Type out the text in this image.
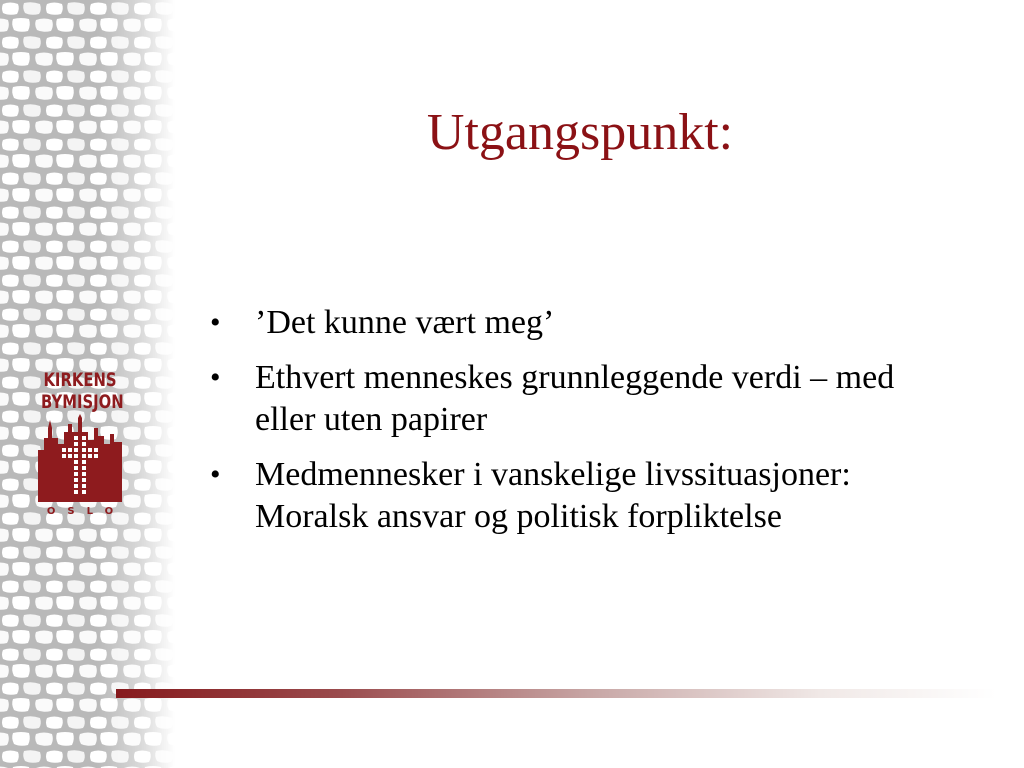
KIRKENS
BYMISJON
OSLO
Utgangspunkt:
• ’Det kunne vært meg’
• Ethvert menneskes grunnleggende verdi – med eller uten papirer
• Medmennesker i vanskelige livssituasjoner: Moralsk ansvar og politisk forpliktelse
